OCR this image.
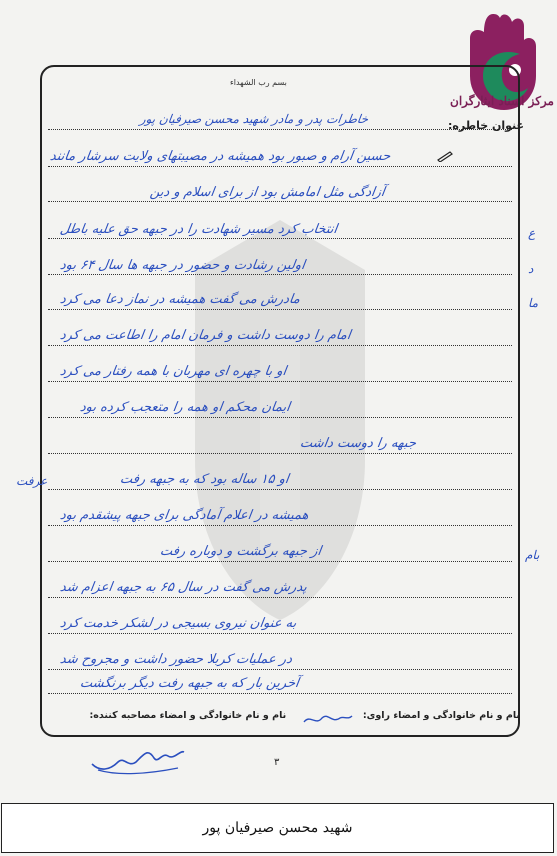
مرکز اسناد ایثارگران
بسم رب الشهداء
عنوان خاطره:
خاطرات پدر و مادر شهید محسن صیرفیان پور
حسین آرام و صبور بود همیشه در مصیبتهای ولایت سرشار مانند
آزادگی مثل امامش بود از برای اسلام و دین
انتخاب کرد مسیر شهادت را در جبهه حق علیه باطل
اولین رشادت و حضور در جبهه ها سال ۶۴ بود
مادرش می گفت همیشه در نماز دعا می کرد
امام را دوست داشت و فرمان امام را اطاعت می کرد
او با چهره ای مهربان با همه رفتار می کرد
ایمان محکم او همه را متعجب کرده بود
جبهه را دوست داشت
او ۱۵ ساله بود که به جبهه رفت
همیشه در اعلام آمادگی برای جبهه پیشقدم بود
از جبهه برگشت و دوباره رفت
پدرش می گفت در سال ۶۵ به جبهه اعزام شد
به عنوان نیروی بسیجی در لشکر خدمت کرد
در عملیات کربلا حضور داشت و مجروح شد
آخرین بار که به جبهه رفت دیگر برنگشت
ع
د
ما
عرفت
بام
نام و نام خانوادگی و امضاء راوی:  نام و نام خانوادگی و امضاء مصاحبه کننده:
۳
شهید محسن صیرفیان پور
